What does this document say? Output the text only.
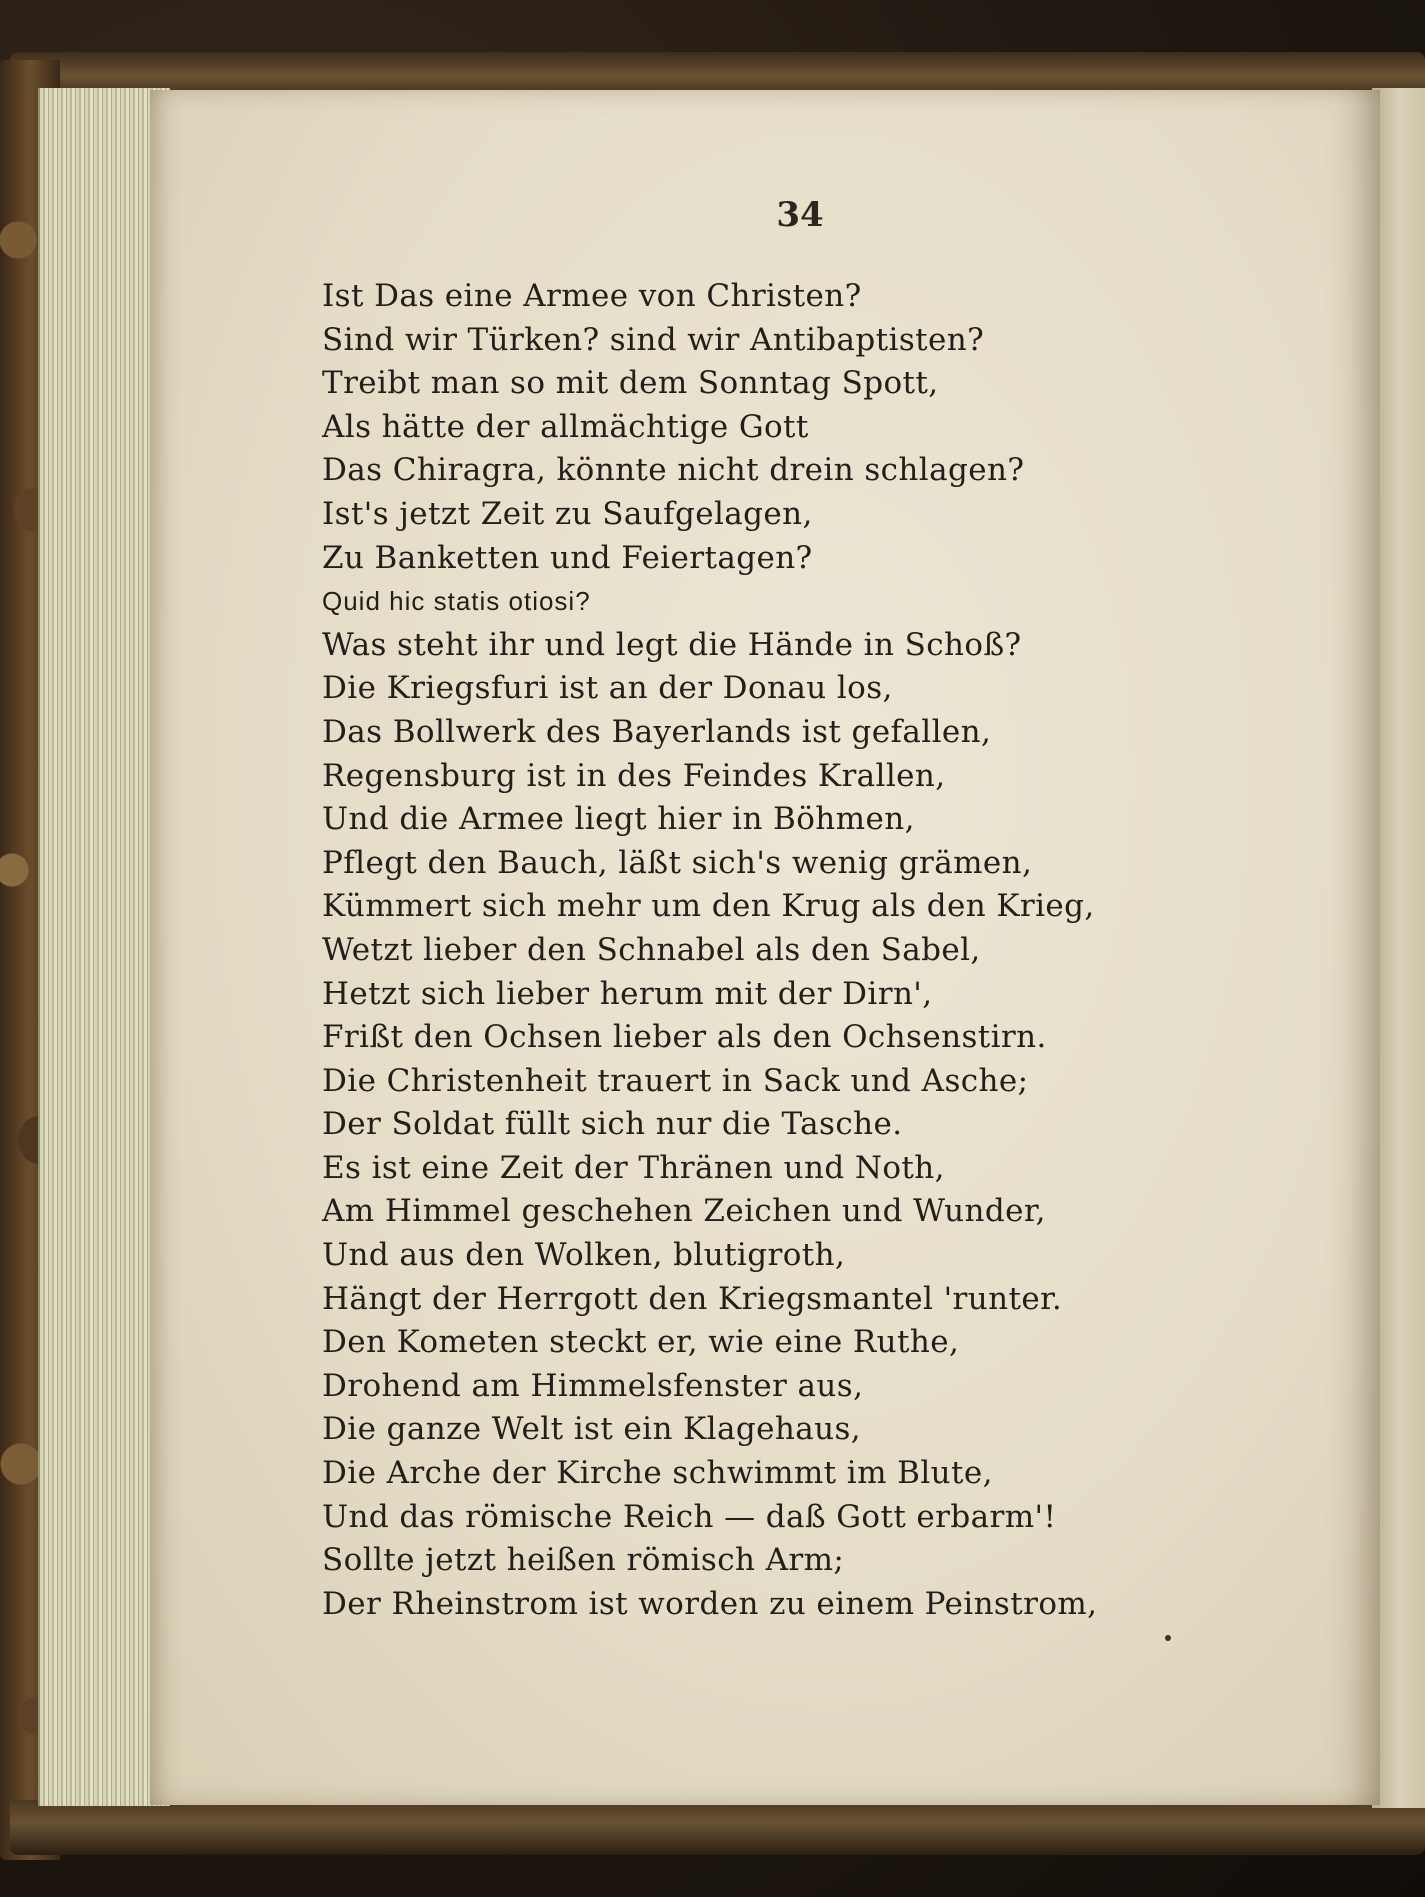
34
Ist Das eine Armee von Christen?
Sind wir Türken? sind wir Antibaptisten?
Treibt man so mit dem Sonntag Spott,
Als hätte der allmächtige Gott
Das Chiragra, könnte nicht drein schlagen?
Ist's jetzt Zeit zu Saufgelagen,
Zu Banketten und Feiertagen?
Quid hic statis otiosi?
Was steht ihr und legt die Hände in Schoß?
Die Kriegsfuri ist an der Donau los,
Das Bollwerk des Bayerlands ist gefallen,
Regensburg ist in des Feindes Krallen,
Und die Armee liegt hier in Böhmen,
Pflegt den Bauch, läßt sich's wenig grämen,
Kümmert sich mehr um den Krug als den Krieg,
Wetzt lieber den Schnabel als den Sabel,
Hetzt sich lieber herum mit der Dirn',
Frißt den Ochsen lieber als den Ochsenstirn.
Die Christenheit trauert in Sack und Asche;
Der Soldat füllt sich nur die Tasche.
Es ist eine Zeit der Thränen und Noth,
Am Himmel geschehen Zeichen und Wunder,
Und aus den Wolken, blutigroth,
Hängt der Herrgott den Kriegsmantel 'runter.
Den Kometen steckt er, wie eine Ruthe,
Drohend am Himmelsfenster aus,
Die ganze Welt ist ein Klagehaus,
Die Arche der Kirche schwimmt im Blute,
Und das römische Reich — daß Gott erbarm'!
Sollte jetzt heißen römisch Arm;
Der Rheinstrom ist worden zu einem Peinstrom,
